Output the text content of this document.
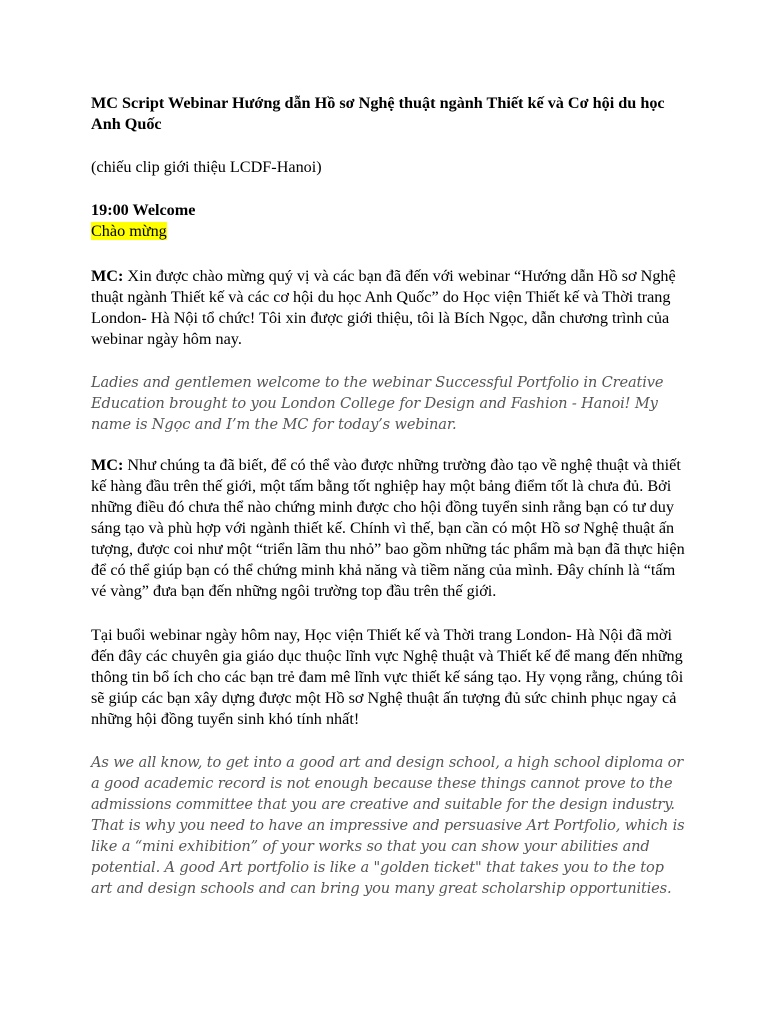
MC Script Webinar Hướng dẫn Hồ sơ Nghệ thuật ngành Thiết kế và Cơ hội du học Anh Quốc

(chiếu clip giới thiệu LCDF-Hanoi)

19:00 Welcome
Chào mừng

MC: Xin được chào mừng quý vị và các bạn đã đến với webinar “Hướng dẫn Hồ sơ Nghệ thuật ngành Thiết kế và các cơ hội du học Anh Quốc” do Học viện Thiết kế và Thời trang London- Hà Nội tổ chức! Tôi xin được giới thiệu, tôi là Bích Ngọc, dẫn chương trình của webinar ngày hôm nay.

Ladies and gentlemen welcome to the webinar Successful Portfolio in Creative Education brought to you London College for Design and Fashion - Hanoi! My name is Ngọc and I’m the MC for today’s webinar.

MC: Như chúng ta đã biết, để có thể vào được những trường đào tạo về nghệ thuật và thiết kế hàng đầu trên thế giới, một tấm bằng tốt nghiệp hay một bảng điểm tốt là chưa đủ. Bởi những điều đó chưa thể nào chứng minh được cho hội đồng tuyển sinh rằng bạn có tư duy sáng tạo và phù hợp với ngành thiết kế. Chính vì thế, bạn cần có một Hồ sơ Nghệ thuật ấn tượng, được coi như một “triển lãm thu nhỏ” bao gồm những tác phẩm mà bạn đã thực hiện để có thể giúp bạn có thể chứng minh khả năng và tiềm năng của mình. Đây chính là “tấm vé vàng” đưa bạn đến những ngôi trường top đầu trên thế giới.

Tại buổi webinar ngày hôm nay, Học viện Thiết kế và Thời trang London- Hà Nội đã mời đến đây các chuyên gia giáo dục thuộc lĩnh vực Nghệ thuật và Thiết kế để mang đến những thông tin bổ ích cho các bạn trẻ đam mê lĩnh vực thiết kế sáng tạo. Hy vọng rằng, chúng tôi sẽ giúp các bạn xây dựng được một Hồ sơ Nghệ thuật ấn tượng đủ sức chinh phục ngay cả những hội đồng tuyển sinh khó tính nhất!

As we all know, to get into a good art and design school, a high school diploma or a good academic record is not enough because these things cannot prove to the admissions committee that you are creative and suitable for the design industry. That is why you need to have an impressive and persuasive Art Portfolio, which is like a “mini exhibition” of your works so that you can show your abilities and potential. A good Art portfolio is like a "golden ticket" that takes you to the top art and design schools and can bring you many great scholarship opportunities.
